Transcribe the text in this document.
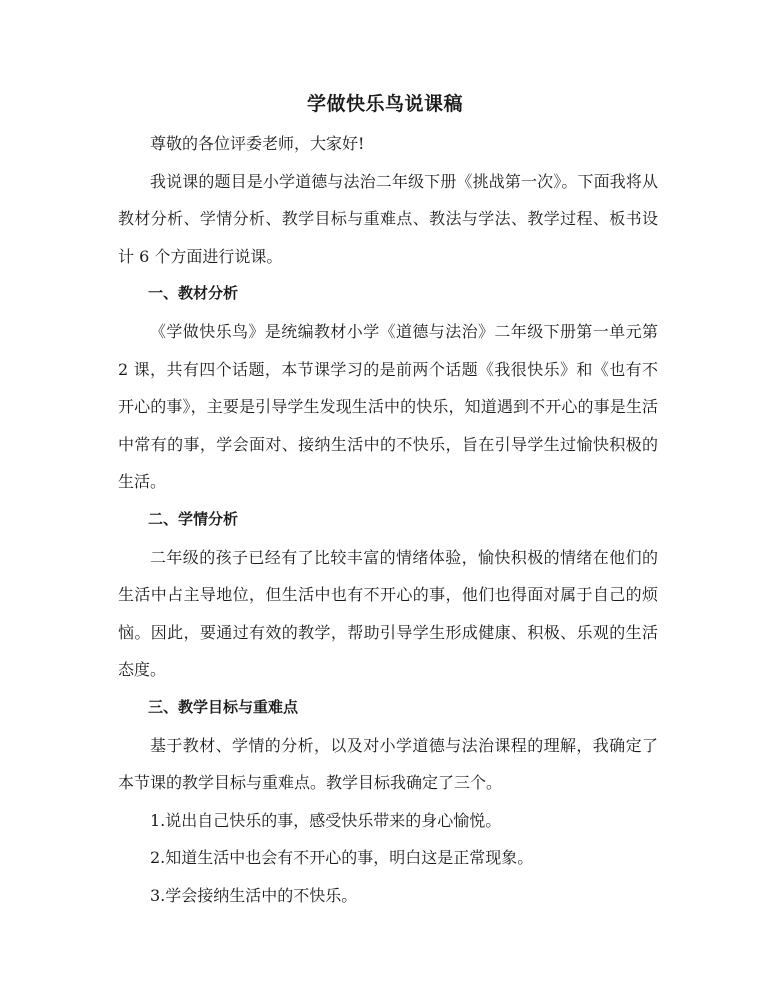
学做快乐鸟说课稿

尊敬的各位评委老师，大家好!

我说课的题目是小学道德与法治二年级下册《挑战第一次》。下面我将从教材分析、学情分析、教学目标与重难点、教法与学法、教学过程、板书设计 6 个方面进行说课。

一、教材分析

《学做快乐鸟》是统编教材小学《道德与法治》二年级下册第一单元第 2 课，共有四个话题，本节课学习的是前两个话题《我很快乐》和《也有不开心的事》，主要是引导学生发现生活中的快乐，知道遇到不开心的事是生活中常有的事，学会面对、接纳生活中的不快乐，旨在引导学生过愉快积极的生活。

二、学情分析

二年级的孩子已经有了比较丰富的情绪体验，愉快积极的情绪在他们的生活中占主导地位，但生活中也有不开心的事，他们也得面对属于自己的烦恼。因此，要通过有效的教学，帮助引导学生形成健康、积极、乐观的生活态度。

三、教学目标与重难点

基于教材、学情的分析，以及对小学道德与法治课程的理解，我确定了本节课的教学目标与重难点。教学目标我确定了三个。

1.说出自己快乐的事，感受快乐带来的身心愉悦。

2.知道生活中也会有不开心的事，明白这是正常现象。

3.学会接纳生活中的不快乐。
